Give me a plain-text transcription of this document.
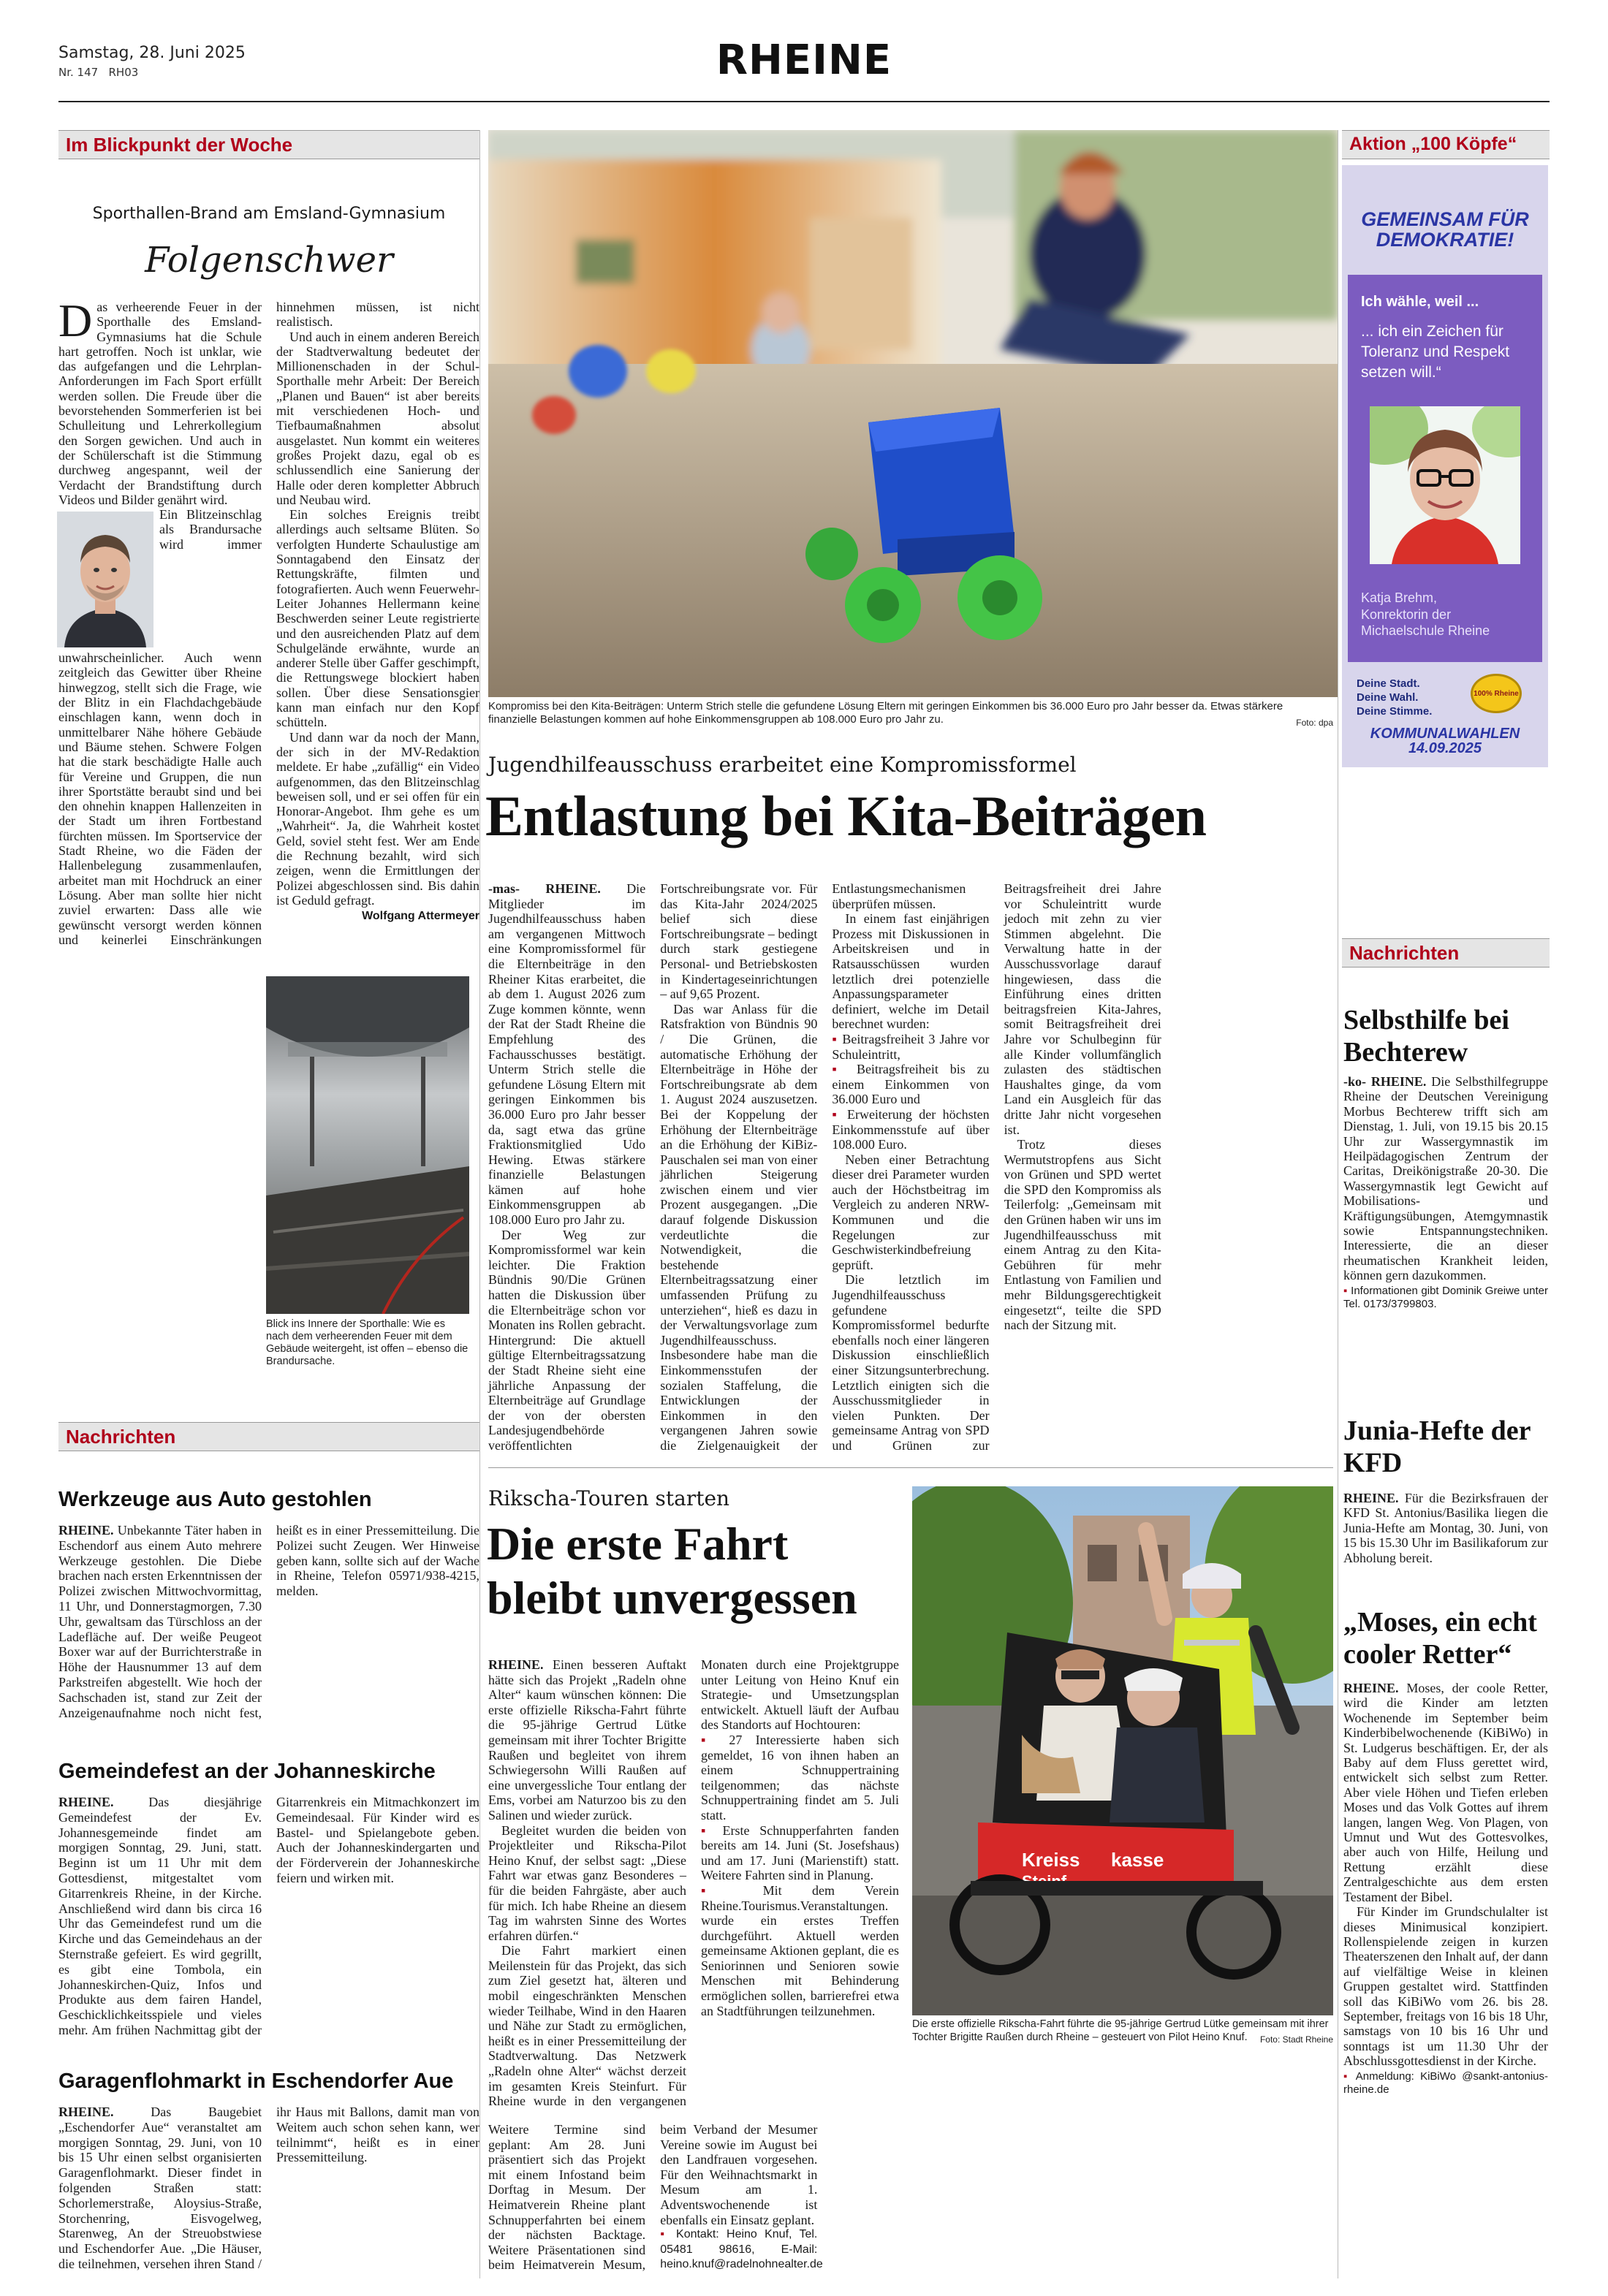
Samstag, 28. Juni 2025
Nr. 147 RH03	RHEINE
Im Blickpunkt der Woche
Sporthallen-Brand am Emsland-Gymnasium
Folgenschwer
D as verheerende Feuer in der Sporthalle des Emsland-Gymnasiums hat die Schule hart getroffen. Noch ist unklar, wie das aufgefangen und die Lehrplan-Anforderungen im Fach Sport erfüllt werden sollen. Die Freude über die bevorstehenden Sommerferien ist bei Schulleitung und Lehrerkollegium den Sorgen gewichen. Und auch in der Schülerschaft ist die Stimmung durchweg angespannt, weil der Verdacht der Brandstiftung durch Videos und Bilder genährt wird.

Ein Blitzeinschlag als Brandursache wird immer unwahrscheinlicher. Auch wenn zeitgleich das Gewitter über Rheine hinwegzog, stellt sich die Frage, wie der Blitz in ein Flachdachgebäude einschlagen kann, wenn doch in unmittelbarer Nähe höhere Gebäude und Bäume stehen. Schwere Folgen hat die stark beschädigte Halle auch für Vereine und Gruppen, die nun ihrer Sportstätte beraubt sind und bei den ohnehin knappen Hallenzeiten in der Stadt um ihren Fortbestand fürchten müssen. Im Sportservice der Stadt Rheine, wo die Fäden der Hallenbelegung zusammenlaufen, arbeitet man mit Hochdruck an einer Lösung. Aber man sollte hier nicht zuviel erwarten: Dass alle wie gewünscht versorgt werden können und keinerlei Einschränkungen hinnehmen müssen, ist nicht realistisch.

Und auch in einem anderen Bereich der Stadtverwaltung bedeutet der Millionenschaden in der Schul-Sporthalle mehr Arbeit: Der Bereich „Planen und Bauen“ ist aber bereits mit verschiedenen Hoch- und Tiefbaumaßnahmen absolut ausgelastet. Nun kommt ein weiteres großes Projekt dazu, egal ob es schlussendlich eine Sanierung der Halle oder deren kompletter Abbruch und Neubau wird.

Ein solches Ereignis treibt allerdings auch seltsame Blüten. So verfolgten Hunderte Schaulustige am Sonntagabend den Einsatz der Rettungskräfte, filmten und fotografierten. Auch wenn Feuerwehr-Leiter Johannes Hellermann keine Beschwerden seiner Leute registrierte und den ausreichenden Platz auf dem Schulgelände erwähnte, wurde an anderer Stelle über Gaffer geschimpft, die Rettungswege blockiert haben sollen. Über diese Sensationsgier kann man einfach nur den Kopf schütteln.

Und dann war da noch der Mann, der sich in der MV-Redaktion meldete. Er habe „zufällig“ ein Video aufgenommen, das den Blitzeinschlag beweisen soll, und er sei offen für ein Honorar-Angebot. Ihm gehe es um „Wahrheit“. Ja, die Wahrheit kostet Geld, soviel steht fest. Wer am Ende die Rechnung bezahlt, wird sich zeigen, wenn die Ermittlungen der Polizei abgeschlossen sind. Bis dahin ist Geduld gefragt.

Wolfgang Attermeyer
Blick ins Innere der Sporthalle: Wie es nach dem verheerenden Feuer mit dem Gebäude weitergeht, ist offen – ebenso die Brandursache.
Nachrichten
Werkzeuge aus Auto gestohlen

RHEINE. Unbekannte Täter haben in Eschendorf aus einem Auto mehrere Werkzeuge gestohlen. Die Diebe brachen nach ersten Erkenntnissen der Polizei zwischen Mittwochvormittag, 11 Uhr, und Donnerstagmorgen, 7.30 Uhr, gewaltsam das Türschloss an der Ladefläche auf. Der weiße Peugeot Boxer war auf der Burrichterstraße in Höhe der Hausnummer 13 auf dem Parkstreifen abgestellt. Wie hoch der Sachschaden ist, stand zur Zeit der Anzeigenaufnahme noch nicht fest, heißt es in einer Pressemitteilung. Die Polizei sucht Zeugen. Wer Hinweise geben kann, sollte sich auf der Wache in Rheine, Telefon 05971/938-4215, melden.

Gemeindefest an der Johanneskirche

RHEINE.	Das diesjährige Gemeindefest der Ev. Johannesgemeinde findet am morgigen Sonntag, 29. Juni, statt. Beginn ist um 11 Uhr mit dem Gottesdienst, mitgestaltet vom Gitarrenkreis Rheine, in der Kirche. Anschließend wird dann bis circa 16 Uhr das Gemeindefest rund um die Kirche und das Gemeindehaus an der Sternstraße gefeiert. Es wird gegrillt, es gibt eine Tombola, ein Johanneskirchen-Quiz, Infos und Produkte aus dem fairen Handel, Geschicklichkeitsspiele und vieles mehr. Am frühen Nachmittag gibt der Gitarrenkreis ein Mitmachkonzert im Gemeindesaal. Für Kinder wird es Bastel- und Spielangebote geben. Auch der Johanneskindergarten und der Förderverein der Johanneskirche feiern und wirken mit.

Garagenflohmarkt in Eschendorfer Aue

RHEINE.	Das Baugebiet „Eschendorfer Aue“ veranstaltet am morgigen Sonntag, 29. Juni, von 10 bis 15 Uhr einen selbst organisierten Garagenflohmarkt. Dieser findet in folgenden Straßen statt: Schorlemerstraße, Aloysius-Straße, Storchenring, Eisvogelweg, Starenweg, An der Streuobstwiese und Eschendorfer Aue. „Die Häuser, die teilnehmen, versehen ihren Stand / ihr Haus mit Ballons, damit man von Weitem auch schon sehen kann, wer teilnimmt“, heißt es in einer Pressemitteilung.

Kompromiss bei den Kita-Beiträgen: Unterm Strich stelle die gefundene Lösung Eltern mit geringen Einkommen bis 36.000 Euro pro Jahr besser da. Etwas stärkere finanzielle Belastungen kommen auf hohe Einkommensgruppen ab 108.000 Euro pro Jahr zu.	Foto: dpa
Jugendhilfeausschuss erarbeitet eine Kompromissformel
Entlastung bei Kita-Beiträgen

-mas- RHEINE. Die Mitglieder im Jugendhilfeausschuss haben am vergangenen Mittwoch eine Kompromissformel für die Elternbeiträge in den Rheiner Kitas erarbeitet, die ab dem 1. August 2026 zum Zuge kommen könnte, wenn der Rat der Stadt Rheine die Empfehlung des Fachausschusses bestätigt. Unterm Strich stelle die gefundene Lösung Eltern mit geringen Einkommen bis 36.000 Euro pro Jahr besser da, sagt etwa das grüne Fraktionsmitglied Udo Hewing. Etwas stärkere finanzielle Belastungen kämen auf hohe Einkommensgruppen ab 108.000 Euro pro Jahr zu.

Der Weg zur Kompromissformel war kein leichter. Die Fraktion Bündnis 90/Die Grünen hatten die Diskussion über die Elternbeiträge schon vor Monaten ins Rollen gebracht. Hintergrund: Die aktuell gültige Elternbeitragssatzung der Stadt Rheine sieht eine jährliche Anpassung der Elternbeiträge auf Grundlage der von der obersten Landesjugendbehörde veröffentlichten Fortschreibungsrate vor. Für das Kita-Jahr 2024/2025 belief sich diese Fortschreibungsrate – bedingt durch stark gestiegene Personal- und Betriebskosten in Kindertageseinrichtungen – auf 9,65 Prozent.

Das war Anlass für die Ratsfraktion von Bündnis 90 / Die Grünen, die automatische Erhöhung der Elternbeiträge in Höhe der Fortschreibungsrate ab dem 1. August 2024 auszusetzen. Bei der Koppelung der Erhöhung der Elternbeiträge an die Erhöhung der KiBiz-Pauschalen sei man von einer jährlichen Steigerung zwischen einem und vier Prozent ausgegangen. „Die darauf folgende Diskussion verdeutlichte die Notwendigkeit, die bestehende Elternbeitragssatzung einer umfassenden Prüfung zu unterziehen“, hieß es dazu in der Verwaltungsvorlage zum Jugendhilfeausschuss. Insbesondere habe man die Einkommensstufen der sozialen Staffelung, die Entwicklungen der Einkommen in den vergangenen Jahren sowie die Zielgenauigkeit der Entlastungsmechanismen überprüfen müssen.

In einem fast einjährigen Prozess mit Diskussionen in Arbeitskreisen und in Ratsausschüssen wurden letztlich drei potenzielle Anpassungsparameter definiert, welche im Detail berechnet wurden:

▪ Beitragsfreiheit 3 Jahre vor Schuleintritt,

▪ Beitragsfreiheit bis zu einem Einkommen von 36.000 Euro und

▪ Erweiterung der höchsten Einkommensstufe auf über 108.000 Euro.

Neben einer Betrachtung dieser drei Parameter wurden auch der Höchstbeitrag im Vergleich zu anderen NRW-Kommunen und die Regelungen zur Geschwisterkindbefreiung geprüft.

Die letztlich im Jugendhilfeausschuss gefundene Kompromissformel bedurfte ebenfalls noch einer längeren Diskussion einschließlich einer Sitzungsunterbrechung. Letztlich einigten sich die Ausschussmitglieder in vielen Punkten. Der gemeinsame Antrag von SPD und Grünen zur Beitragsfreiheit drei Jahre vor Schuleintritt wurde jedoch mit zehn zu vier Stimmen abgelehnt. Die Verwaltung hatte in der Ausschussvorlage darauf hingewiesen, dass die Einführung eines dritten beitragsfreien Kita-Jahres, somit Beitragsfreiheit drei Jahre vor Schulbeginn für alle Kinder vollumfänglich zulasten des städtischen Haushaltes ginge, da vom Land ein Ausgleich für das dritte Jahr nicht vorgesehen ist.

Trotz dieses Wermutstropfens aus Sicht von Grünen und SPD wertet die SPD den Kompromiss als Teilerfolg: „Gemeinsam mit den Grünen haben wir uns im Jugendhilfeausschuss mit einem Antrag zu den Kita-Gebühren für mehr Entlastung von Familien und mehr Bildungsgerechtigkeit eingesetzt“, teilte die SPD nach der Sitzung mit.

Rikscha-Touren starten
Die erste Fahrt
bleibt unvergessen

RHEINE. Einen besseren Auftakt hätte sich das Projekt „Radeln ohne Alter“ kaum wünschen können: Die erste offizielle Rikscha-Fahrt führte die 95-jährige Gertrud Lütke gemeinsam mit ihrer Tochter Brigitte Raußen und begleitet von ihrem Schwiegersohn Willi Raußen auf eine unvergessliche Tour entlang der Ems, vorbei am Naturzoo bis zu den Salinen und wieder zurück.

Begleitet wurden die beiden von Projektleiter und Rikscha-Pilot Heino Knuf, der selbst sagt: „Diese Fahrt war etwas ganz Besonderes – für die beiden Fahrgäste, aber auch für mich. Ich habe Rheine an diesem Tag im wahrsten Sinne des Wortes erfahren dürfen.“

Die Fahrt markiert einen Meilenstein für das Projekt, das sich zum Ziel gesetzt hat, älteren und mobil eingeschränkten Menschen wieder Teilhabe, Wind in den Haaren und Nähe zur Stadt zu ermöglichen, heißt es in einer Pressemitteilung der Stadtverwaltung. Das Netzwerk „Radeln ohne Alter“ wächst derzeit im gesamten Kreis Steinfurt. Für Rheine wurde in den vergangenen Monaten durch eine Projektgruppe unter Leitung von Heino Knuf ein Strategie- und Umsetzungsplan entwickelt. Aktuell läuft der Aufbau des Standorts auf Hochtouren:

▪ 27 Interessierte haben sich gemeldet, 16 von ihnen haben an einem Schnuppertraining teilgenommen; das nächste Schnuppertraining findet am 5. Juli statt.

▪ Erste Schnupperfahrten fanden bereits am 14. Juni (St. Josefshaus) und am 17. Juni (Marienstift) statt. Weitere Fahrten sind in Planung.

▪ Mit dem Verein Rheine.Tourismus.Veranstaltungen. wurde ein erstes Treffen durchgeführt. Aktuell werden gemeinsame Aktionen geplant, die es Seniorinnen und Senioren sowie Menschen mit Behinderung ermöglichen sollen, barrierefrei etwa an Stadtführungen teilzunehmen.

Weitere Termine sind geplant: Am 28. Juni präsentiert sich das Projekt mit einem Infostand beim Dorftag in Mesum. Der Heimatverein Rheine plant Schnupperfahrten bei einem der nächsten Backtage. Weitere Präsentationen sind beim Heimatverein Mesum, beim Verband der Mesumer Vereine sowie im August bei den Landfrauen vorgesehen. Für den Weihnachtsmarkt in Mesum am 1. Adventswochenende ist ebenfalls ein Einsatz geplant.

▪ Kontakt: Heino Knuf, Tel. 05481 98616, E-Mail: heino.knuf@radelnohnealter.de

Kreiss kasse
Die erste offizielle Rikscha-Fahrt führte die 95-jährige Gertrud Lütke gemeinsam mit ihrer Tochter Brigitte Raußen durch Rheine – gesteuert von Pilot Heino Knuf. Foto: Stadt Rheine
Aktion „100 Köpfe“
GEMEINSAM FÜR
DEMOKRATIE!
Ich wähle, weil ...
... ich ein Zeichen für Toleranz und Respekt setzen will.“
Katja Brehm,
Konrektorin der Michaelschule Rheine
Deine Stadt.
Deine Wahl.
Deine Stimme.
100% Rheine
KOMMUNALWAHLEN
14.09.2025
Nachrichten
Selbsthilfe bei Bechterew

-ko- RHEINE. Die Selbsthilfegruppe Rheine der Deutschen Vereinigung Morbus Bechterew trifft sich am Dienstag, 1. Juli, von 19.15 bis 20.15 Uhr zur Wassergymnastik im Heilpädagogischen Zentrum der Caritas, Dreikönigstraße 20-30. Die Wassergymnastik legt Gewicht auf Mobilisations- und Kräftigungsübungen, Atemgymnastik sowie Entspannungstechniken. Interessierte, die an dieser rheumatischen Krankheit leiden, können gern dazukommen.

▪ Informationen gibt Dominik Greiwe unter Tel. 0173/3799803.

Junia-Hefte der KFD

RHEINE. Für die Bezirksfrauen der KFD St. Antonius/Basilika liegen die Junia-Hefte am Montag, 30. Juni, von 15 bis 15.30 Uhr im Basilikaforum zur Abholung bereit.

„Moses, ein echt cooler Retter“

RHEINE. Moses, der coole Retter, wird die Kinder am letzten Wochenende im September beim Kinderbibelwochenende (KiBiWo) in St. Ludgerus beschäftigen. Er, der als Baby auf dem Fluss gerettet wird, entwickelt sich selbst zum Retter. Aber viele Höhen und Tiefen erleben Moses und das Volk Gottes auf ihrem langen, langen Weg. Von Plagen, von Umnut und Wut des Gottesvolkes, aber auch von Hilfe, Heilung und Rettung erzählt diese Zentralgeschichte aus dem ersten Testament der Bibel.

Für Kinder im Grundschulalter ist dieses Minimusical konzipiert. Rollenspielende zeigen in kurzen Theaterszenen den Inhalt auf, der dann auf vielfältige Weise in kleinen Gruppen gestaltet wird. Stattfinden soll das KiBiWo vom 26. bis 28. September, freitags von 16 bis 18 Uhr, samstags von 10 bis 16 Uhr und sonntags ist um 11.30 Uhr der Abschlussgottesdienst in der Kirche.

▪ Anmeldung: KiBiWo @sankt-antonius-rheine.de
